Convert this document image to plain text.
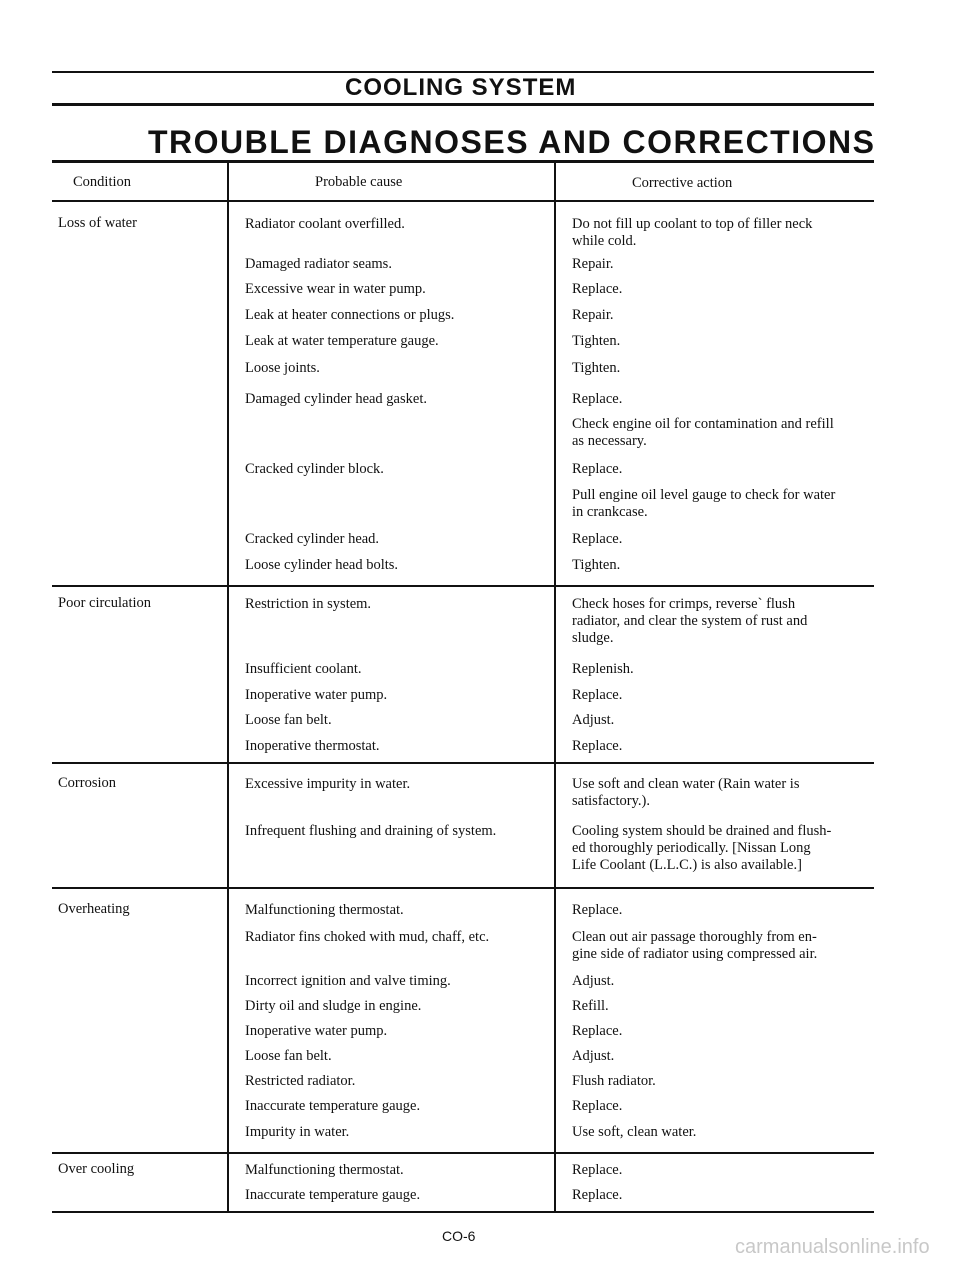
COOLING SYSTEM
TROUBLE DIAGNOSES AND CORRECTIONS
Condition	Probable cause	Corrective action
Loss of water	Radiator coolant overfilled.	Do not fill up coolant to top of filler neck
while cold.
Damaged radiator seams.	Repair.
Excessive wear in water pump.	Replace.
Leak at heater connections or plugs.	Repair.
Leak at water temperature gauge.	Tighten.
Loose joints.	Tighten.
Damaged cylinder head gasket.	Replace.
Check engine oil for contamination and refill
as necessary.
Cracked cylinder block.	Replace.
Pull engine oil level gauge to check for water
in crankcase.
Cracked cylinder head.	Replace.
Loose cylinder head bolts.	Tighten.
Poor circulation	Restriction in system.	Check hoses for crimps, reverse` flush
radiator, and clear the system of rust and
sludge.
Insufficient coolant.	Replenish.
Inoperative water pump.	Replace.
Loose fan belt.	Adjust.
Inoperative thermostat.	Replace.
Corrosion	Excessive impurity in water.	Use soft and clean water (Rain water is
satisfactory.).
Infrequent flushing and draining of system.	Cooling system should be drained and flush-
ed thoroughly periodically. [Nissan Long
Life Coolant (L.L.C.) is also available.]
Overheating	Malfunctioning thermostat.	Replace.
Radiator fins choked with mud, chaff, etc.	Clean out air passage thoroughly from en-
gine side of radiator using compressed air.
Incorrect ignition and valve timing.	Adjust.
Dirty oil and sludge in engine.	Refill.
Inoperative water pump.	Replace.
Loose fan belt.	Adjust.
Restricted radiator.	Flush radiator.
Inaccurate temperature gauge.	Replace.
Impurity in water.	Use soft, clean water.
Over cooling	Malfunctioning thermostat.	Replace.
Inaccurate temperature gauge.	Replace.
CO-6	carmanualsonline.info
